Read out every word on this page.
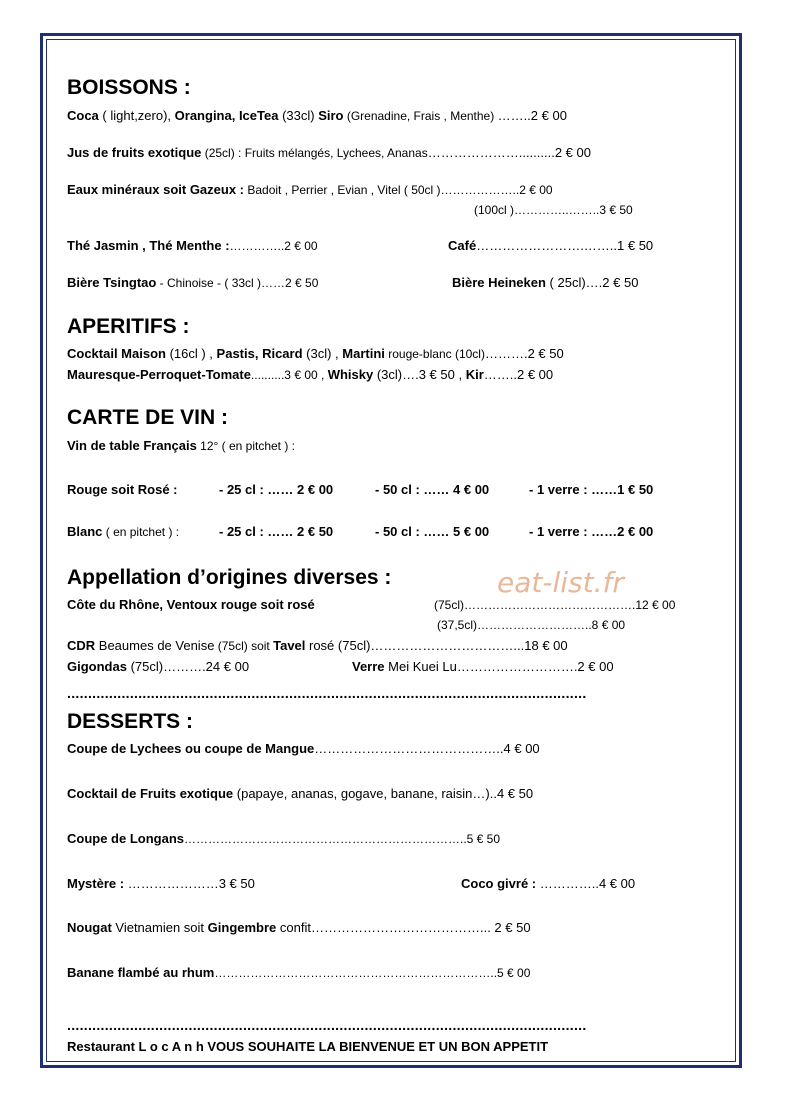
BOISSONS :
Coca ( light,zero), Orangina, IceTea (33cl) Siro (Grenadine, Frais , Menthe) ……..2 € 00
Jus de fruits exotique (25cl) : Fruits mélangés, Lychees, Ananas…………………..........2 € 00
Eaux minéraux soit Gazeux : Badoit , Perrier , Evian , Vitel ( 50cl )………………..2 € 00
(100cl )…………..……..3 € 50
Thé Jasmin , Thé Menthe :…………..2 € 00	Café…………………….……..1 € 50
Bière Tsingtao - Chinoise - ( 33cl )……2 € 50	Bière Heineken ( 25cl)….2 € 50
APERITIFS :
Cocktail Maison (16cl ) , Pastis, Ricard (3cl) , Martini rouge-blanc (10cl)……….2 € 50
Mauresque-Perroquet-Tomate..........3 € 00 , Whisky (3cl)….3 € 50 , Kir……..2 € 00
CARTE DE VIN :
Vin de table Français 12° ( en pitchet ) :
Rouge soit Rosé :	- 25 cl : …… 2 € 00	- 50 cl : …… 4 € 00	- 1 verre : ……1 € 50
Blanc ( en pitchet ) :	- 25 cl : …… 2 € 50	- 50 cl : …… 5 € 00	- 1 verre : ……2 € 00
Appellation d’origines diverses :	eat-list.fr
Côte du Rhône, Ventoux rouge soit rosé	(75cl)…………………………………….12 € 00
(37,5cl)………………………..8 € 00
CDR Beaumes de Venise (75cl) soit Tavel rosé (75cl)……………………………...18 € 00
Gigondas (75cl)……….24 € 00	Verre Mei Kuei Lu……………………….2 € 00
............................................................................................................................
DESSERTS :
Coupe de Lychees ou coupe de Mangue……………………………………..4 € 00
Cocktail de Fruits exotique (papaye, ananas, gogave, banane, raisin…)..4 € 50
Coupe de Longans……………………………………………………………..5 € 50
Mystère : …………………3 € 50	Coco givré : …………..4 € 00
Nougat Vietnamien soit Gingembre confit…………………………………... 2 € 50
Banane flambé au rhum……………………………………………………………..5 € 00
............................................................................................................................
Restaurant L o c A n h VOUS SOUHAITE LA BIENVENUE ET UN BON APPETIT
